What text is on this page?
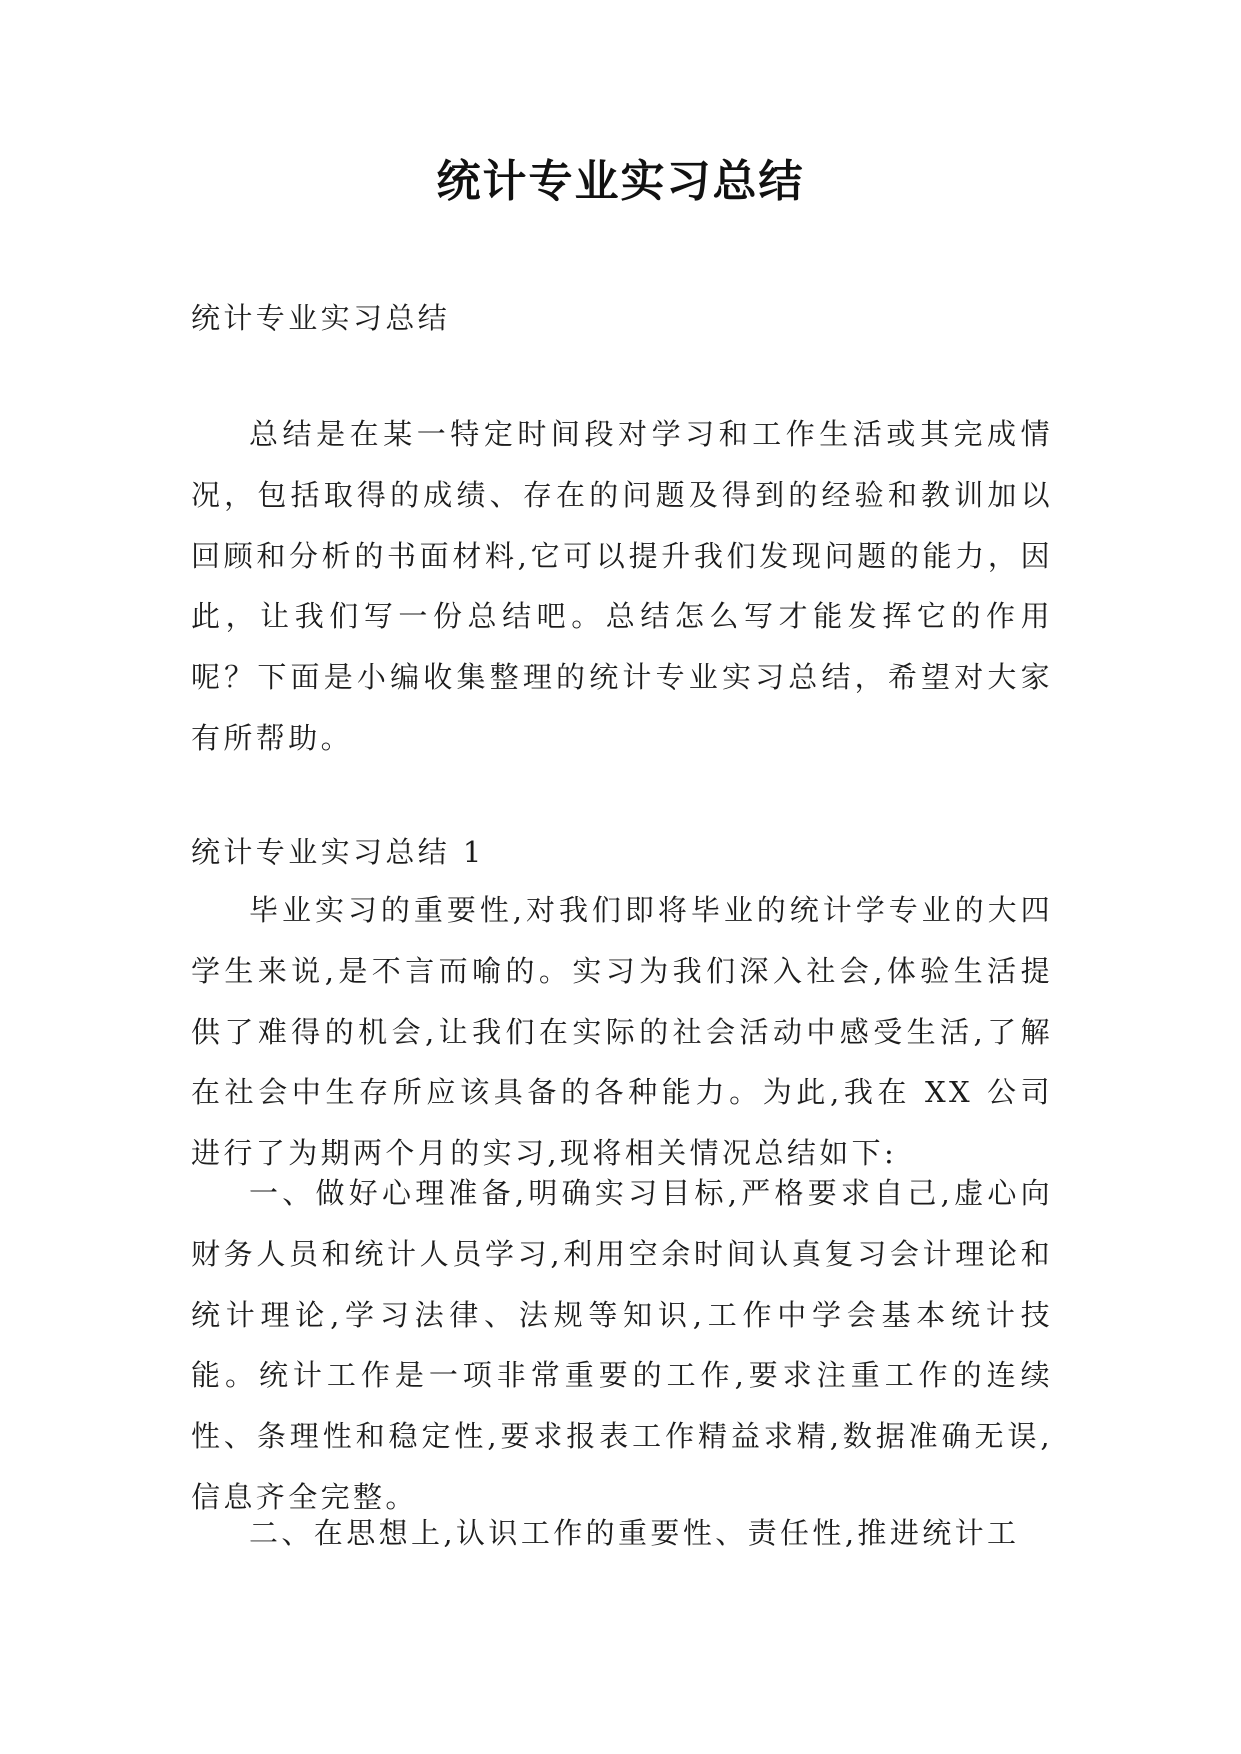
统计专业实习总结

统计专业实习总结

总结是在某一特定时间段对学习和工作生活或其完成情况，包括取得的成绩、存在的问题及得到的经验和教训加以回顾和分析的书面材料,它可以提升我们发现问题的能力，因此，让我们写一份总结吧。总结怎么写才能发挥它的作用呢？下面是小编收集整理的统计专业实习总结，希望对大家有所帮助。

统计专业实习总结 1

毕业实习的重要性,对我们即将毕业的统计学专业的大四学生来说,是不言而喻的。实习为我们深入社会,体验生活提供了难得的机会,让我们在实际的社会活动中感受生活,了解在社会中生存所应该具备的各种能力。为此,我在 XX 公司进行了为期两个月的实习,现将相关情况总结如下:

一、做好心理准备,明确实习目标,严格要求自己,虚心向财务人员和统计人员学习,利用空余时间认真复习会计理论和统计理论,学习法律、法规等知识,工作中学会基本统计技能。统计工作是一项非常重要的工作,要求注重工作的连续性、条理性和稳定性,要求报表工作精益求精,数据准确无误,信息齐全完整。

二、在思想上,认识工作的重要性、责任性,推进统计工
